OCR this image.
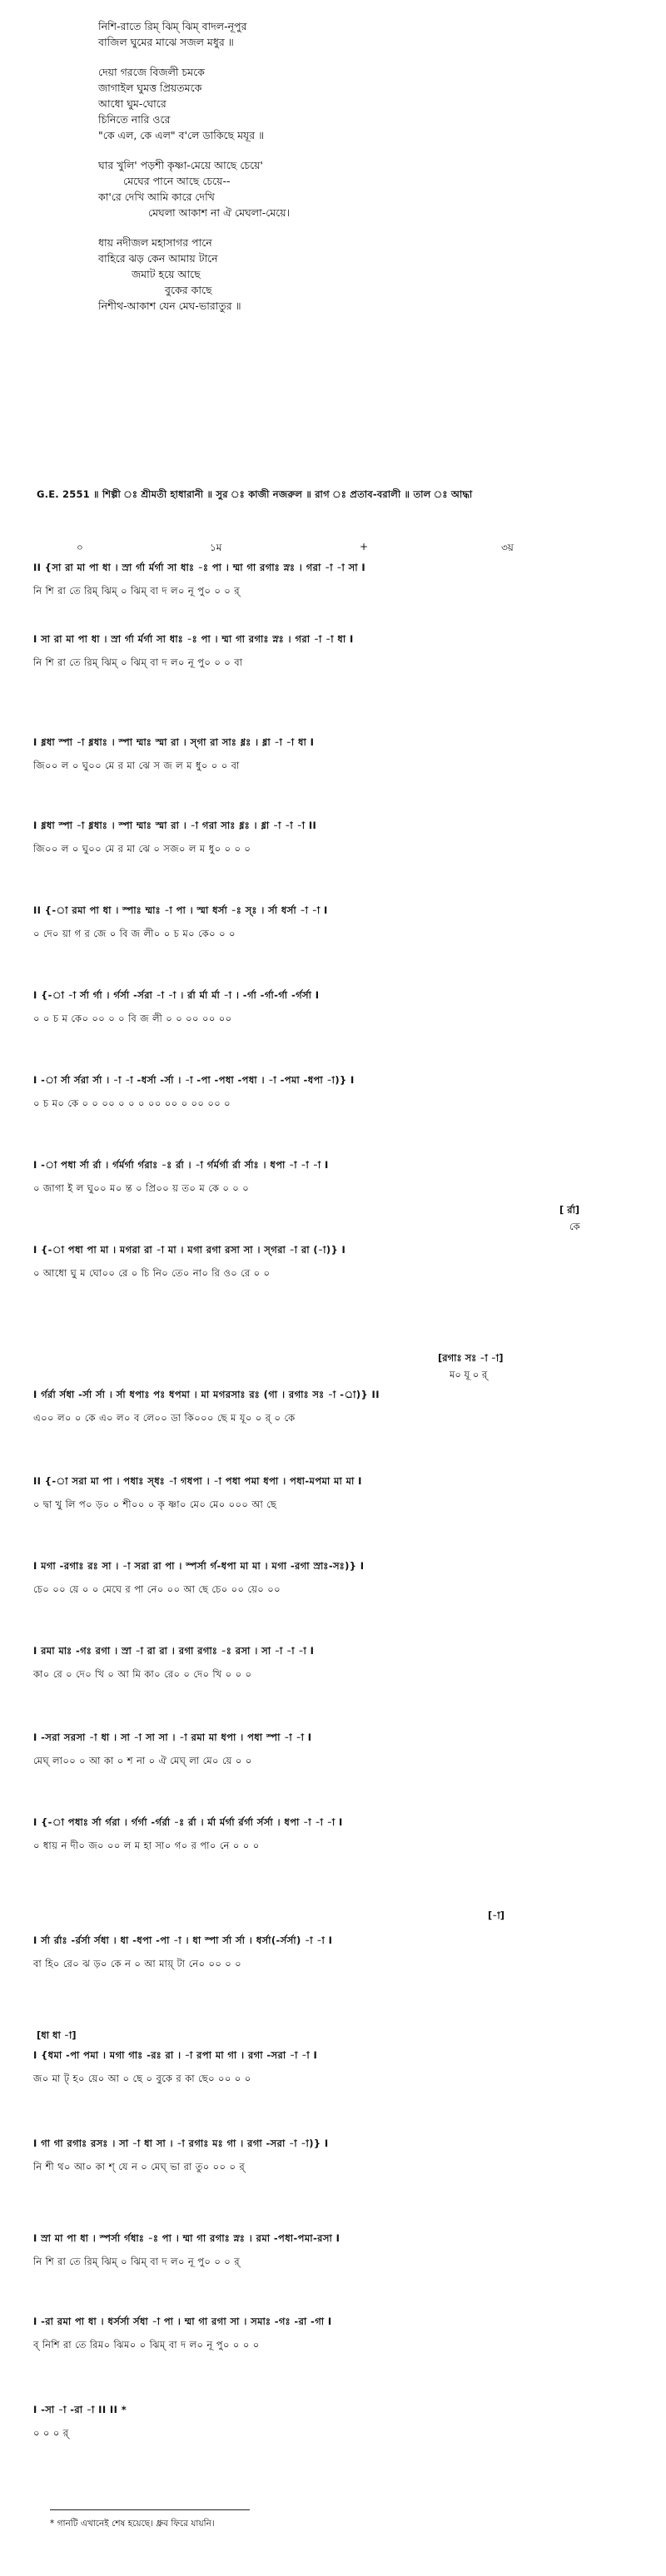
নিশি-রাতে রিম্ ঝিম্ ঝিম্ বাদল-নূপুর
বাজিল ঘুমের মাঝে সজল মধুর ॥
দেয়া গরজে বিজলী চমকে
জাগাইল ঘুমত্ত প্রিয়তমকে
আধো ঘুম-ঘোরে
চিনিতে নারি ওরে
"কে এল, কে এল" ব'লে ডাকিছে মযূর ॥
ঘার খুলি' পড়শী কৃষ্ণা-মেয়ে আছে চেয়ে'
মেঘের পানে আছে চেয়ে--
কা'রে দেখি আমি কারে দেখি
মেঘলা আকাশ না ঐ মেঘলা-মেয়ে।
ধায় নদীজল মহাসাগর পানে
বাহিরে ঝড় কেন আমায় টানে
জমাট হয়ে আছে
বুকের কাছে
নিশীথ-আকাশ যেন মেঘ-ভারাতুর ॥
G.E. 2551 ॥ শিল্পী ঃ শ্রীমতী হাধারানী ॥ সুর ঃ কাজী নজরুল ॥ রাগ ঃ প্রতাব-বরালী ॥ তাল ঃ আদ্ধা
০	১ম	+	৩য়
II {সা রা মা পা ধা । স্রা র্গা র্মর্গা সা ধাঃ -ঃ পা । ম্মা গা রগাঃ স্নঃ । গরা -া -া সা I
নি শি রা তে রিম্ ঝিম্ ০ ঝিম্ বা দ ল০ নূ পু০ ০ ০ র্
I সা রা মা পা ধা । স্রা র্গা র্মর্গা সা ধাঃ -ঃ পা । ম্মা গা রগাঃ স্নঃ । গরা -া -া ধা I
নি শি রা তে রিম্ ঝিম্ ০ ঝিম্ বা দ ল০ নূ পু০ ০ ০ বা
I ধ্নধা স্পা -া ধ্নধাঃ । স্পা ম্মাঃ স্মা রা । স্গা রা সাঃ ধ্নঃ । ধ্না -া -া ধা I
জি০০ ল ০ ঘু০০ মে র মা ঝে স জ ল ম ধু০ ০ ০ বা
I ধ্নধা স্পা -া ধ্নধাঃ । স্পা ম্মাঃ স্মা রা । -া গরা সাঃ ধ্নঃ । ধ্না -া -া -া II
জি০০ ল ০ ঘু০০ মে র মা ঝে ০ সজ০ ল ম ধু০ ০ ০ ০
II {-া রমা পা ধা । স্পাঃ ম্মাঃ -া পা । স্মা ধর্সা -ঃ স্ঃ । র্সা ধর্সা -া -া I
০ দে০ য়া গ র জে ০ বি জ লী০ ০ চ ম০ কে০ ০ ০
I {-া -া র্সা র্গা । র্গর্সা -র্সরা -া -া । র্রা র্মা র্মা -া । -র্গা -র্গা-র্গা -র্গর্সা I
০ ০ চ ম কে০ ০০ ০ ০ বি জ লী ০ ০ ০০ ০০ ০০
I -া র্সা র্সরা র্সা । -া -া -ধর্সা -র্সা । -া -পা -পধা -পধা । -া -পমা -ধপা -া)} I
০ চ ম০ কে ০ ০ ০০ ০ ০ ০ ০০ ০০ ০ ০০ ০০ ০
I -া পধা র্সা র্রা । র্গর্মর্গা র্গরাঃ -ঃ র্রা । -া র্গর্মর্গা র্রা র্সাঃ । ধপা -া -া -া I
০ জাগা ই ল ঘু০০ ম০ ন্ত ০ প্রি০০ য় ত০ ম কে ০ ০ ০
[ র্রা]
কে
I {-া পধা পা মা । মগরা রা -া মা । মগা রগা রসা সা । স্গরা -া রা (-া)} I
০ আধো ঘু ম ঘো০০ রে ০ চি নি০ তে০ না০ রি ও০ রে ০ ০
[রগাঃ সঃ -া -া]
ম০ যূ ০ র্
I র্গর্রা র্সধা -র্সা র্সা । র্সা ধপাঃ পঃ ধপমা । মা মগরসাঃ রঃ (গা । রগাঃ সঃ -া -র্া)} II
এ০০ ল০ ০ কে এ০ ল০ ব লে০০ ডা কি০০০ ছে ম যূ০ ০ র্ ০ কে
II {-া সরা মা পা । পধাঃ স্ধঃ -া গধপা । -া পধা পমা ধপা । পধা-মপমা মা মা I
০ দ্বা খু লি প০ ড়০ ০ শী০০ ০ কৃ ষ্ণা০ মে০ মে০ ০০০ আ ছে
I মগা -রগাঃ রঃ সা । -া সরা রা পা । স্পর্সা র্গ-ধপা মা মা । মগা -রগা স্রাঃ-সঃ)} I
চে০ ০০ য়ে ০ ০ মেঘে র পা নে০ ০০ আ ছে চে০ ০০ য়ে০ ০০
I রমা মাঃ -গঃ রগা । স্রা -া রা রা । রগা রগাঃ -ঃ রসা । সা -া -া -া I
কা০ রে ০ দে০ খি ০ আ মি কা০ রে০ ০ দে০ খি ০ ০ ০
I -সরা সরসা -া ধা । সা -া সা সা । -া রমা মা ধপা । পধা স্পা -া -া I
মেঘ্ লা০০ ০ আ কা ০ শ না ০ ঐ মেঘ্ লা মে০ য়ে ০ ০
I {-া পধাঃ র্সা র্গরা । র্গর্গা -র্গর্রা -ঃ র্রা । র্মা র্মর্গা র্রর্গা র্সর্সা । ধপা -া -া -া I
০ ধায় ন দী০ জ০ ০০ ল ম হা সা০ গ০ র পা০ নে ০ ০ ০
[-া]
I র্সা র্রাঃ -র্রর্সা র্সধা । ধা -ধপা -পা -া । ধা স্পা র্সা র্সা । ধর্সা(-র্সর্সা) -া -া I
বা হি০ রে০ ঝ ড়০ কে ন ০ আ মায়্ টা নে০ ০০ ০ ০
[ধা ধা -া]
I {ধমা -পা পমা । মগা গাঃ -রঃ রা । -া রপা মা গা । রগা -সরা -া -া I
জ০ মা ট্ হ০ য়ে০ আ ০ ছে ০ বুকে র কা ছে০ ০০ ০ ০
I গা গা রগাঃ রসঃ । সা -া ধা সা । -া রগাঃ মঃ গা । রগা -সরা -া -া)} I
নি শী থ০ আ০ কা শ্ যে ন ০ মেঘ্ ভা রা তু০ ০০ ০ র্
I স্রা মা পা ধা । স্পর্সা র্গধাঃ -ঃ পা । ম্মা গা রগাঃ স্নঃ । রমা -পধা-পমা-রসা I
নি শি রা তে রিম্ ঝিম্ ০ ঝিম্ বা দ ল০ নূ পু০ ০ ০ র্
I -রা রমা পা ধা । ধর্সর্সা র্সধা -া পা । ম্মা গা রগা সা । সমাঃ -গঃ -রা -গা I
ব্ নিশি রা তে রিম০ ঝিম০ ০ ঝিম্ বা দ ল০ নূ পু০ ০ ০ ০
I -সা -া -রা -া II II *
০ ০ ০ র্
* গানটি এখানেই শেষ হয়েছে। ধ্রুব ফিরে যায়নি।
